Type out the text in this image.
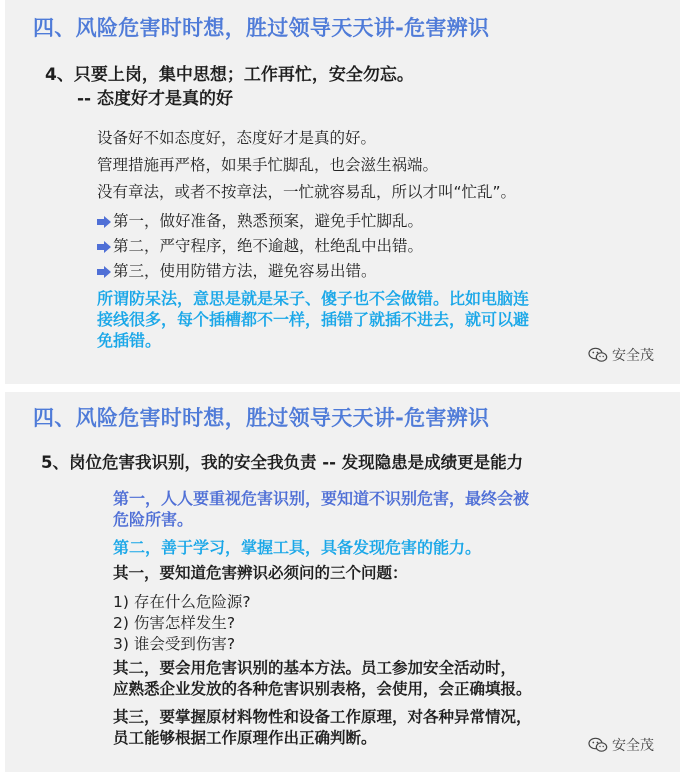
四、风险危害时时想，胜过领导天天讲-危害辨识
4、只要上岗，集中思想；工作再忙，安全勿忘。
-- 态度好才是真的好
设备好不如态度好，态度好才是真的好。
管理措施再严格，如果手忙脚乱，也会滋生祸端。
没有章法，或者不按章法，一忙就容易乱，所以才叫“忙乱”。
第一，做好准备，熟悉预案，避免手忙脚乱。
第二，严守程序，绝不逾越，杜绝乱中出错。
第三，使用防错方法，避免容易出错。
所谓防呆法，意思是就是呆子、傻子也不会做错。比如电脑连
接线很多，每个插槽都不一样，插错了就插不进去，就可以避
免插错。
安全茂
四、风险危害时时想，胜过领导天天讲-危害辨识
5、岗位危害我识别，我的安全我负责 -- 发现隐患是成绩更是能力
第一，人人要重视危害识别，要知道不识别危害，最终会被
危险所害。
第二，善于学习，掌握工具，具备发现危害的能力。
其一，要知道危害辨识必须问的三个问题：
1) 存在什么危险源?
2) 伤害怎样发生?
3) 谁会受到伤害?
其二，要会用危害识别的基本方法。员工参加安全活动时，
应熟悉企业发放的各种危害识别表格，会使用，会正确填报。
其三，要掌握原材料物性和设备工作原理，对各种异常情况，
员工能够根据工作原理作出正确判断。	安全茂
